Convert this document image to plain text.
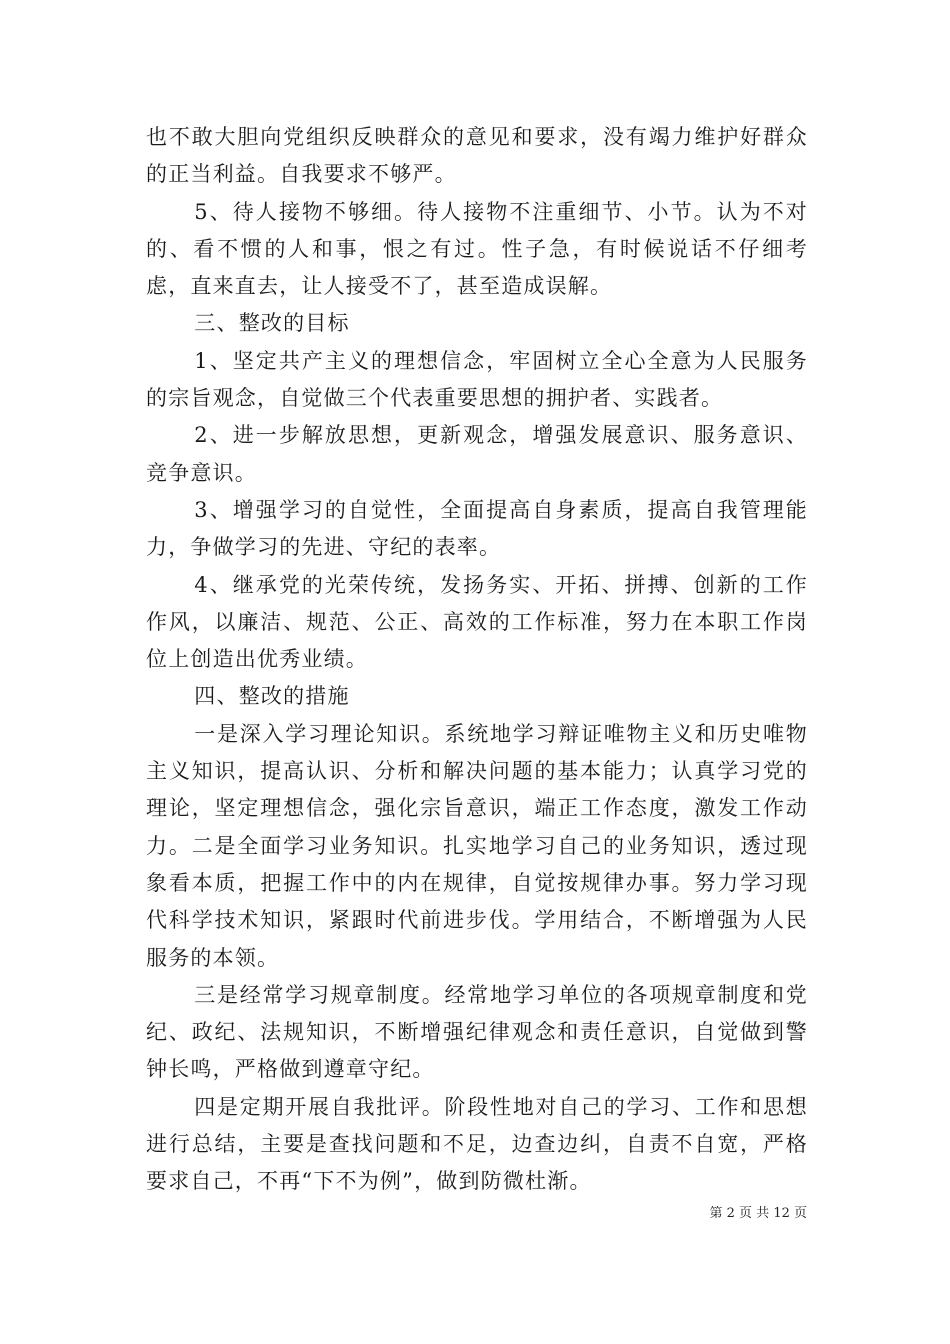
也不敢大胆向党组织反映群众的意见和要求，没有竭力维护好群众的正当利益。自我要求不够严。

5、待人接物不够细。待人接物不注重细节、小节。认为不对的、看不惯的人和事，恨之有过。性子急，有时候说话不仔细考虑，直来直去，让人接受不了，甚至造成误解。

三、整改的目标

1、坚定共产主义的理想信念，牢固树立全心全意为人民服务的宗旨观念，自觉做三个代表重要思想的拥护者、实践者。

2、进一步解放思想，更新观念，增强发展意识、服务意识、竞争意识。

3、增强学习的自觉性，全面提高自身素质，提高自我管理能力，争做学习的先进、守纪的表率。

4、继承党的光荣传统，发扬务实、开拓、拼搏、创新的工作作风，以廉洁、规范、公正、高效的工作标准，努力在本职工作岗位上创造出优秀业绩。

四、整改的措施

一是深入学习理论知识。系统地学习辩证唯物主义和历史唯物主义知识，提高认识、分析和解决问题的基本能力；认真学习党的理论，坚定理想信念，强化宗旨意识，端正工作态度，激发工作动力。二是全面学习业务知识。扎实地学习自己的业务知识，透过现象看本质，把握工作中的内在规律，自觉按规律办事。努力学习现代科学技术知识，紧跟时代前进步伐。学用结合，不断增强为人民服务的本领。

三是经常学习规章制度。经常地学习单位的各项规章制度和党纪、政纪、法规知识，不断增强纪律观念和责任意识，自觉做到警钟长鸣，严格做到遵章守纪。

四是定期开展自我批评。阶段性地对自己的学习、工作和思想进行总结，主要是查找问题和不足，边查边纠，自责不自宽，严格要求自己，不再“下不为例”，做到防微杜渐。

第 2 页 共 12 页
